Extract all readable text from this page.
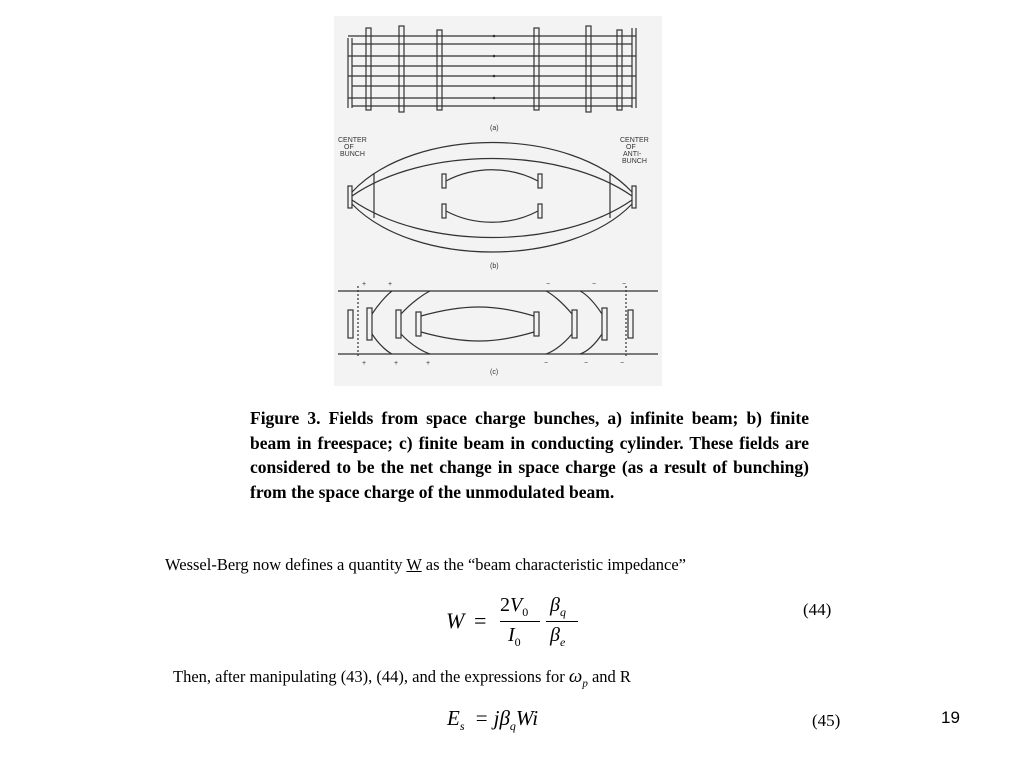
(a)
(b)
(c)
CENTER
OF
BUNCH
CENTER
OF
ANTI-
BUNCH
+	+
+	+	+
−	−	−
−	−	−
Figure 3. Fields from space charge bunches, a) infinite beam; b) finite beam in freespace; c) finite beam in conducting cylinder. These fields are considered to be the net change in space charge (as a result of bunching) from the space charge of the unmodulated beam.
Wessel-Berg now defines a quantity W as the “beam characteristic impedance”
W =
$2V_0$
$I_0$
$\beta_q$
$\beta_e$
(44)
Then, after manipulating (43), (44), and the expressions for $\omega_p$ and R
$E_s = j\beta_qWi$	(45)	19
